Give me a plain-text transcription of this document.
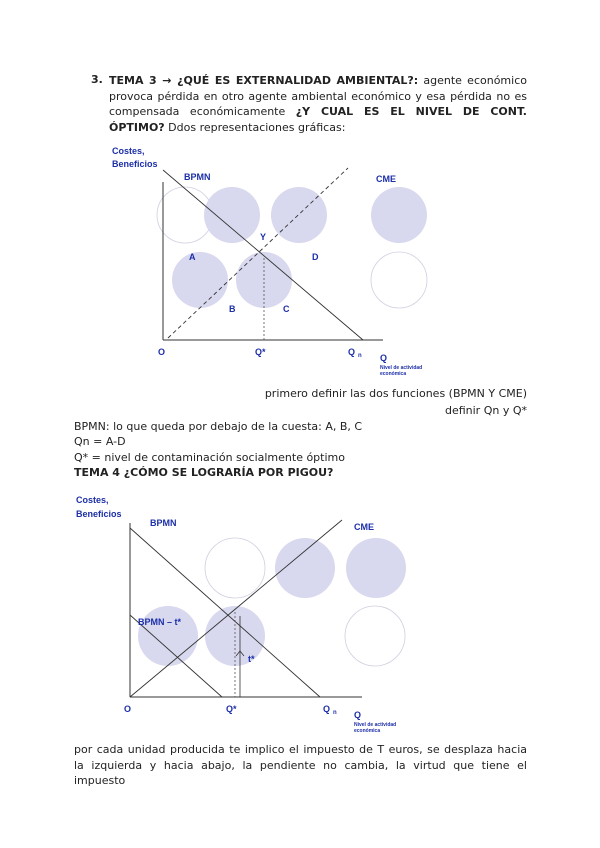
3. TEMA 3 → ¿QUÉ ES EXTERNALIDAD AMBIENTAL?: agente económico provoca pérdida en otro agente ambiental económico y esa pérdida no es compensada económicamente ¿Y CUAL ES EL NIVEL DE CONT. ÓPTIMO? Ddos representaciones gráficas:
Costes,
Beneficios
BPMN	CME
Y
A	D
B	C
O	Q*	Q $_n$ Q
Nivel de actividad
económica
primero definir las dos funciones (BPMN Y CME)
definir Qn y Q*
BPMN: lo que queda por debajo de la cuesta: A, B, C
Qn = A-D
Q* = nivel de contaminación socialmente óptimo
TEMA 4 ¿CÓMO SE LOGRARÍA POR PIGOU?
Costes,
Beneficios
BPMN	CME
BPMN – t*
t*
O	Q*	Q $_n$ Q
Nivel de actividad
económica
por cada unidad producida te implico el impuesto de T euros, se desplaza hacia la izquierda y hacia abajo, la pendiente no cambia, la virtud que tiene el impuesto
